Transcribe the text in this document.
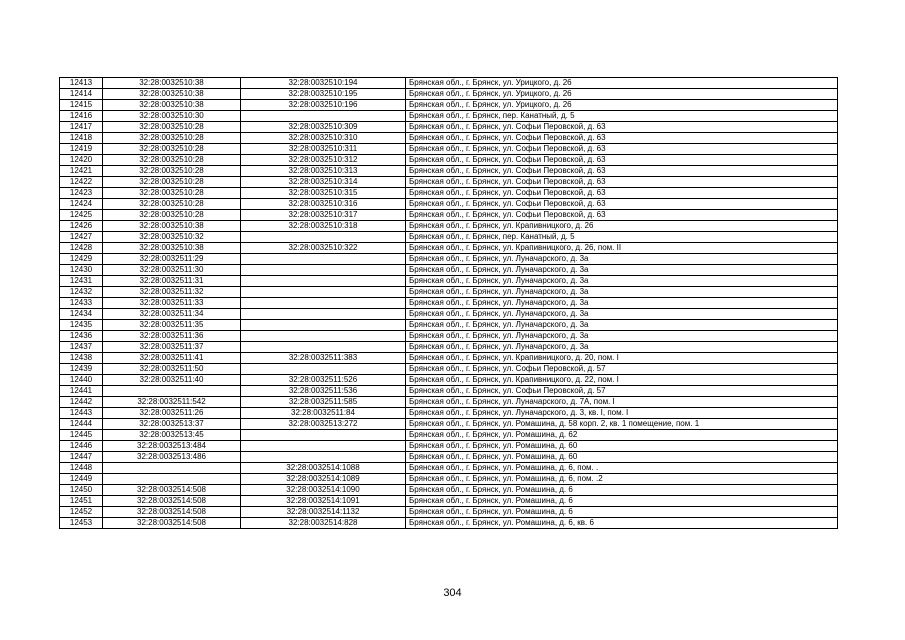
12413	32:28:0032510:38	32:28:0032510:194	Брянская обл., г. Брянск, ул. Урицкого, д. 26
12414	32:28:0032510:38	32:28:0032510:195	Брянская обл., г. Брянск, ул. Урицкого, д. 26
12415	32:28:0032510:38	32:28:0032510:196	Брянская обл., г. Брянск, ул. Урицкого, д. 26
12416	32:28:0032510:30		Брянская обл., г. Брянск, пер. Канатный, д. 5
12417	32:28:0032510:28	32:28:0032510:309	Брянская обл., г. Брянск, ул. Софьи Перовской, д. 63
12418	32:28:0032510:28	32:28:0032510:310	Брянская обл., г. Брянск, ул. Софьи Перовской, д. 63
12419	32:28:0032510:28	32:28:0032510:311	Брянская обл., г. Брянск, ул. Софьи Перовской, д. 63
12420	32:28:0032510:28	32:28:0032510:312	Брянская обл., г. Брянск, ул. Софьи Перовской, д. 63
12421	32:28:0032510:28	32:28:0032510:313	Брянская обл., г. Брянск, ул. Софьи Перовской, д. 63
12422	32:28:0032510:28	32:28:0032510:314	Брянская обл., г. Брянск, ул. Софьи Перовской, д. 63
12423	32:28:0032510:28	32:28:0032510:315	Брянская обл., г. Брянск, ул. Софьи Перовской, д. 63
12424	32:28:0032510:28	32:28:0032510:316	Брянская обл., г. Брянск, ул. Софьи Перовской, д. 63
12425	32:28:0032510:28	32:28:0032510:317	Брянская обл., г. Брянск, ул. Софьи Перовской, д. 63
12426	32:28:0032510:38	32:28:0032510:318	Брянская обл., г. Брянск, ул. Крапивницкого, д. 26
12427	32:28:0032510:32		Брянская обл., г. Брянск, пер. Канатный, д. 5
12428	32:28:0032510:38	32:28:0032510:322	Брянская обл., г. Брянск, ул. Крапивницкого, д. 26, пом. II
12429	32:28:0032511:29		Брянская обл., г. Брянск, ул. Луначарского, д. 3а
12430	32:28:0032511:30		Брянская обл., г. Брянск, ул. Луначарского, д. 3а
12431	32:28:0032511:31		Брянская обл., г. Брянск, ул. Луначарского, д. 3а
12432	32:28:0032511:32		Брянская обл., г. Брянск, ул. Луначарского, д. 3а
12433	32:28:0032511:33		Брянская обл., г. Брянск, ул. Луначарского, д. 3а
12434	32:28:0032511:34		Брянская обл., г. Брянск, ул. Луначарского, д. 3а
12435	32:28:0032511:35		Брянская обл., г. Брянск, ул. Луначарского, д. 3а
12436	32:28:0032511:36		Брянская обл., г. Брянск, ул. Луначарского, д. 3а
12437	32:28:0032511:37		Брянская обл., г. Брянск, ул. Луначарского, д. 3а
12438	32:28:0032511:41	32:28:0032511:383	Брянская обл., г. Брянск, ул. Крапивницкого, д. 20, пом. I
12439	32:28:0032511:50		Брянская обл., г. Брянск, ул. Софьи Перовской, д. 57
12440	32:28:0032511:40	32:28:0032511:526	Брянская обл., г. Брянск, ул. Крапивницкого, д. 22, пом. I
12441		32:28:0032511:536	Брянская обл., г. Брянск, ул. Софьи Перовской, д. 57
12442	32:28:0032511:542	32:28:0032511:585	Брянская обл., г. Брянск, ул. Луначарского, д. 7А, пом. I
12443	32:28:0032511:26	32:28:0032511:84	Брянская обл., г. Брянск, ул. Луначарского, д. 3, кв. I, пом. I
12444	32:28:0032513:37	32:28:0032513:272	Брянская обл., г. Брянск, ул. Ромашина, д. 58 корп. 2, кв. 1 помещение, пом. 1
12445	32:28:0032513:45		Брянская обл., г. Брянск, ул. Ромашина, д. 62
12446	32:28:0032513:484		Брянская обл., г. Брянск, ул. Ромашина, д. 60
12447	32:28:0032513:486		Брянская обл., г. Брянск, ул. Ромашина, д. 60
12448		32:28:0032514:1088	Брянская обл., г. Брянск, ул. Ромашина, д. 6, пом. .
12449		32:28:0032514:1089	Брянская обл., г. Брянск, ул. Ромашина, д. 6, пом. .2
12450	32:28:0032514:508	32:28:0032514:1090	Брянская обл., г. Брянск, ул. Ромашина, д. 6
12451	32:28:0032514:508	32:28:0032514:1091	Брянская обл., г. Брянск, ул. Ромашина, д. 6
12452	32:28:0032514:508	32:28:0032514:1132	Брянская обл., г. Брянск, ул. Ромашина, д. 6
12453	32:28:0032514:508	32:28:0032514:828	Брянская обл., г. Брянск, ул. Ромашина, д. 6, кв. 6
304
